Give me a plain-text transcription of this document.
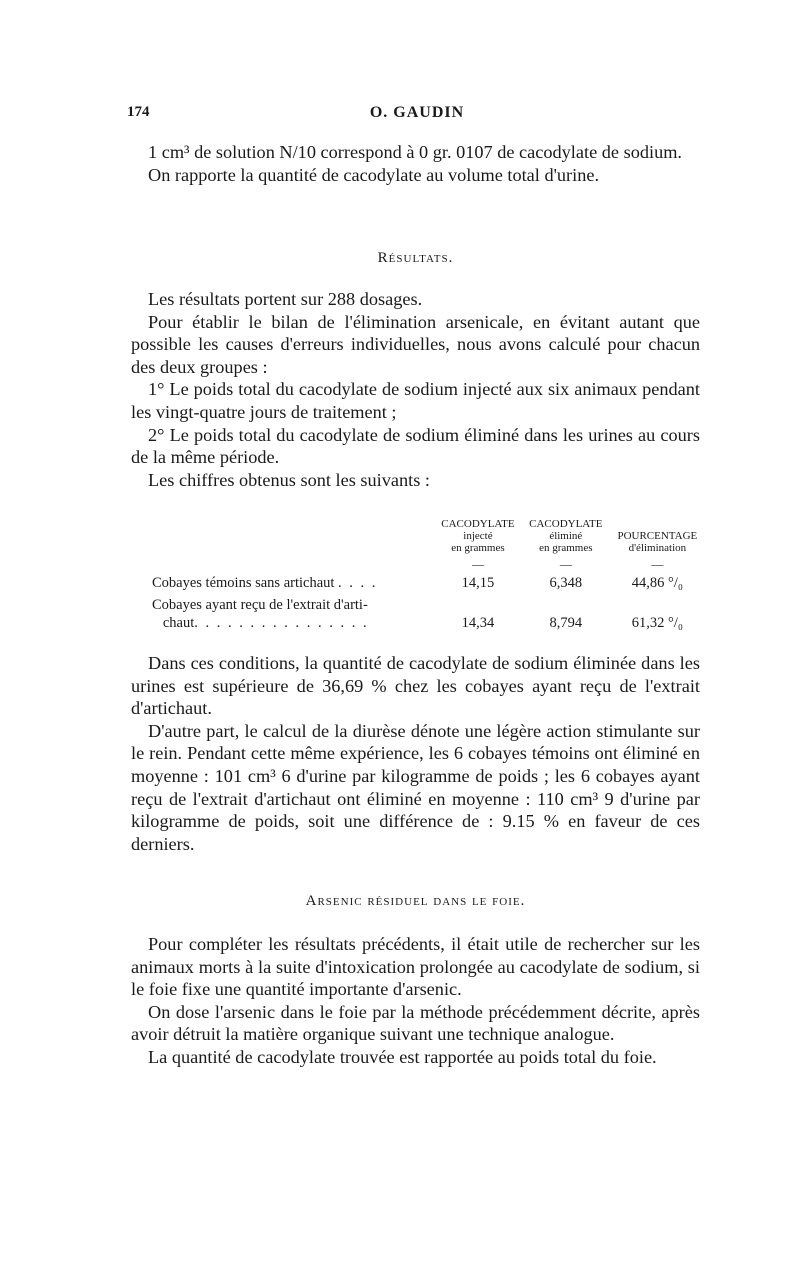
174	O. GAUDIN

1 cm³ de solution N/10 correspond à 0 gr. 0107 de cacodylate de sodium.

On rapporte la quantité de cacodylate au volume total d'urine.

Résultats.

Les résultats portent sur 288 dosages.

Pour établir le bilan de l'élimination arsenicale, en évitant autant que possible les causes d'erreurs individuelles, nous avons calculé pour chacun des deux groupes :

1° Le poids total du cacodylate de sodium injecté aux six animaux pendant les vingt-quatre jours de traitement ;

2° Le poids total du cacodylate de sodium éliminé dans les urines au cours de la même période.

Les chiffres obtenus sont les suivants :

	CACODYLATE
injecté
en grammes	CACODYLATE
éliminé
en grammes	POURCENTAGE
d'élimination

	—	—	—

Cobayes témoins sans artichaut . . . .	14,15	6,348	44,86 °/₀
Cobayes ayant reçu de l'extrait d'arti-
chaut. . . . . . . . . . . . . . . .	14,34	8,794	61,32 °/₀

Dans ces conditions, la quantité de cacodylate de sodium éliminée dans les urines est supérieure de 36,69 % chez les cobayes ayant reçu de l'extrait d'artichaut.

D'autre part, le calcul de la diurèse dénote une légère action stimulante sur le rein. Pendant cette même expérience, les 6 cobayes témoins ont éliminé en moyenne : 101 cm³ 6 d'urine par kilogramme de poids ; les 6 cobayes ayant reçu de l'extrait d'artichaut ont éliminé en moyenne : 110 cm³ 9 d'urine par kilogramme de poids, soit une différence de : 9.15 % en faveur de ces derniers.

Arsenic résiduel dans le foie.

Pour compléter les résultats précédents, il était utile de rechercher sur les animaux morts à la suite d'intoxication prolongée au cacodylate de sodium, si le foie fixe une quantité importante d'arsenic.

On dose l'arsenic dans le foie par la méthode précédemment décrite, après avoir détruit la matière organique suivant une technique analogue.

La quantité de cacodylate trouvée est rapportée au poids total du foie.
